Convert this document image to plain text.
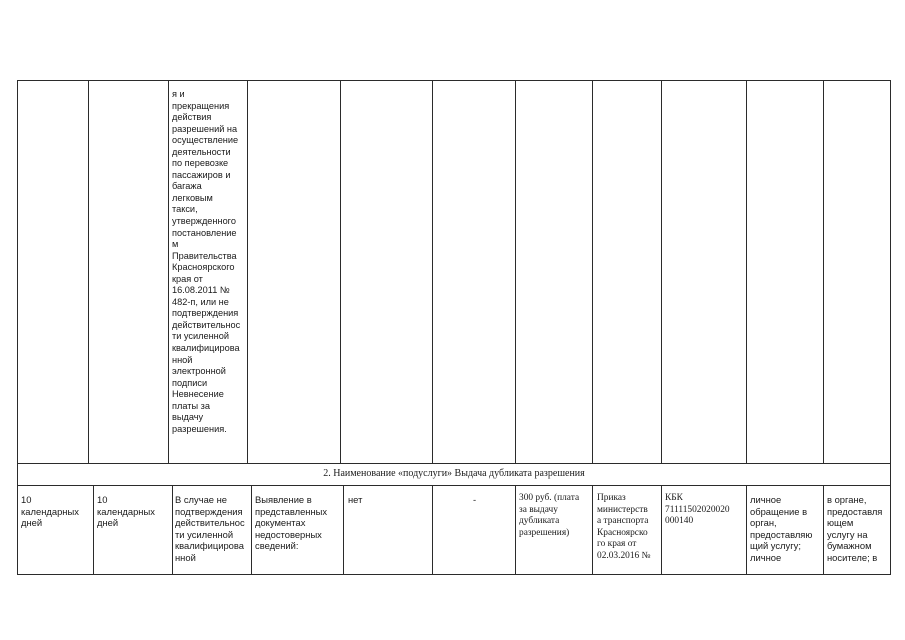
я и
прекращения
действия
разрешений на
осуществление
деятельности
по перевозке
пассажиров и
багажа
легковым
такси,
утвержденного
постановление
м
Правительства
Красноярского
края от
16.08.2011 №
482-п, или не
подтверждения
действительнос
ти усиленной
квалифицирова
нной
электронной
подписи
Невнесение
платы за
выдачу
разрешения.
2. Наименование «подуслуги» Выдача дубликата разрешения
10
календарных
дней
10
календарных
дней
В случае не
подтверждения
действительнос
ти усиленной
квалифицирова
нной
Выявление в
представленных
документах
недостоверных
сведений:
нет	-	300 руб. (плата
за выдачу
дубликата
разрешения)
Приказ
министерств
а транспорта
Красноярско
го края от
02.03.2016 №
КБК
71111502020020
000140
личное
обращение в
орган,
предоставляю
щий услугу;
личное
в органе,
предоставля
ющем
услугу на
бумажном
носителе; в
